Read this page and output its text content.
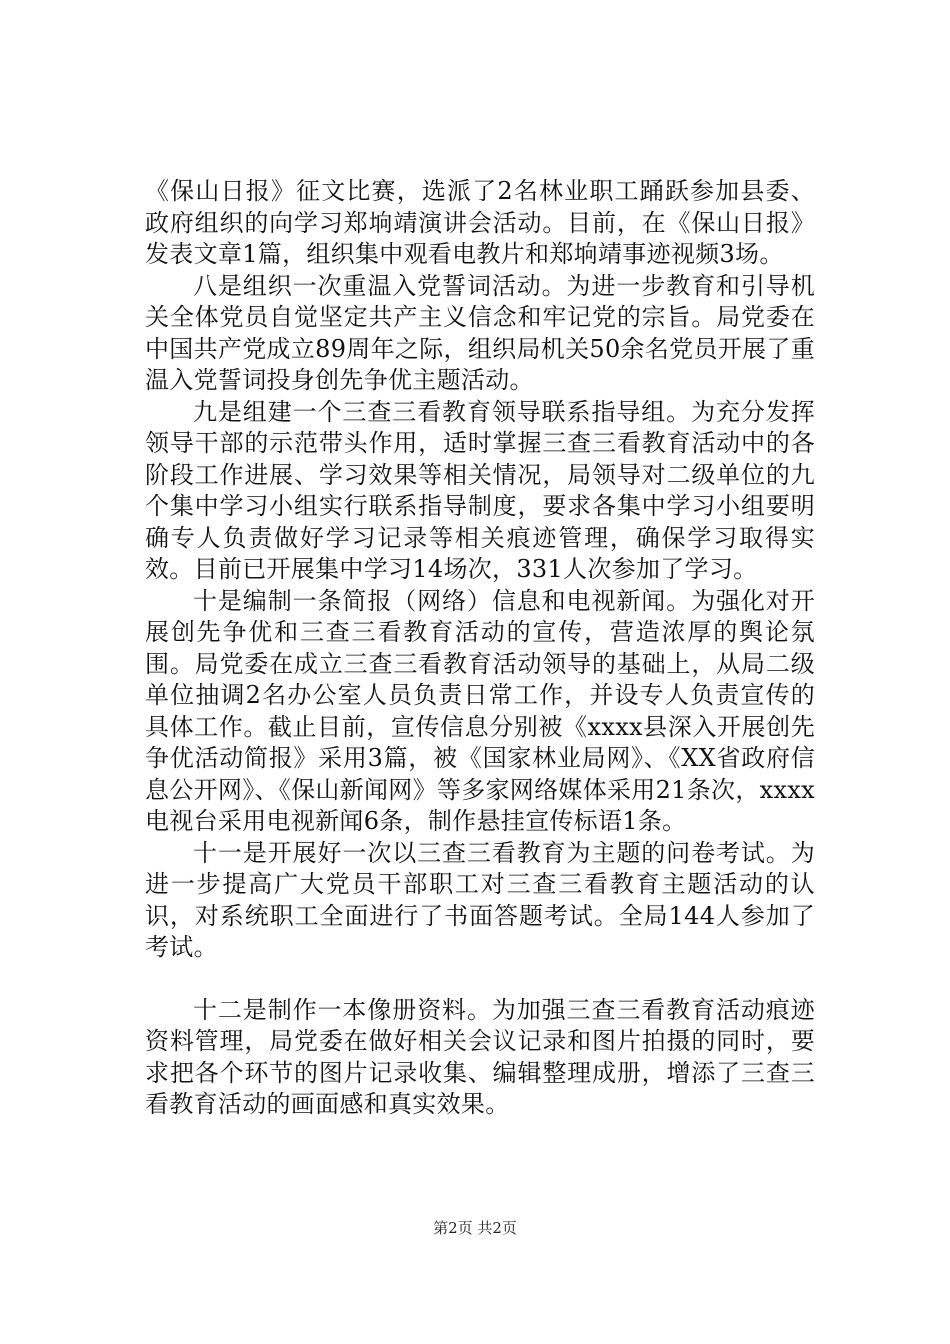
《保山日报》征文比赛，选派了2名林业职工踊跃参加县委、政府组织的向学习郑垧靖演讲会活动。目前，在《保山日报》发表文章1篇，组织集中观看电教片和郑垧靖事迹视频3场。

八是组织一次重温入党誓词活动。为进一步教育和引导机关全体党员自觉坚定共产主义信念和牢记党的宗旨。局党委在中国共产党成立89周年之际，组织局机关50余名党员开展了重温入党誓词投身创先争优主题活动。

九是组建一个三查三看教育领导联系指导组。为充分发挥领导干部的示范带头作用，适时掌握三查三看教育活动中的各阶段工作进展、学习效果等相关情况，局领导对二级单位的九个集中学习小组实行联系指导制度，要求各集中学习小组要明确专人负责做好学习记录等相关痕迹管理，确保学习取得实效。目前已开展集中学习14场次，331人次参加了学习。

十是编制一条简报（网络）信息和电视新闻。为强化对开展创先争优和三查三看教育活动的宣传，营造浓厚的舆论氛围。局党委在成立三查三看教育活动领导的基础上，从局二级单位抽调2名办公室人员负责日常工作，并设专人负责宣传的具体工作。截止目前，宣传信息分别被《xxxx县深入开展创先争优活动简报》采用3篇，被《国家林业局网》、《XX省政府信息公开网》、《保山新闻网》等多家网络媒体采用21条次，xxxx电视台采用电视新闻6条，制作悬挂宣传标语1条。

十一是开展好一次以三查三看教育为主题的问卷考试。为进一步提高广大党员干部职工对三查三看教育主题活动的认识，对系统职工全面进行了书面答题考试。全局144人参加了考试。

十二是制作一本像册资料。为加强三查三看教育活动痕迹资料管理，局党委在做好相关会议记录和图片拍摄的同时，要求把各个环节的图片记录收集、编辑整理成册，增添了三查三看教育活动的画面感和真实效果。

第2页 共2页
